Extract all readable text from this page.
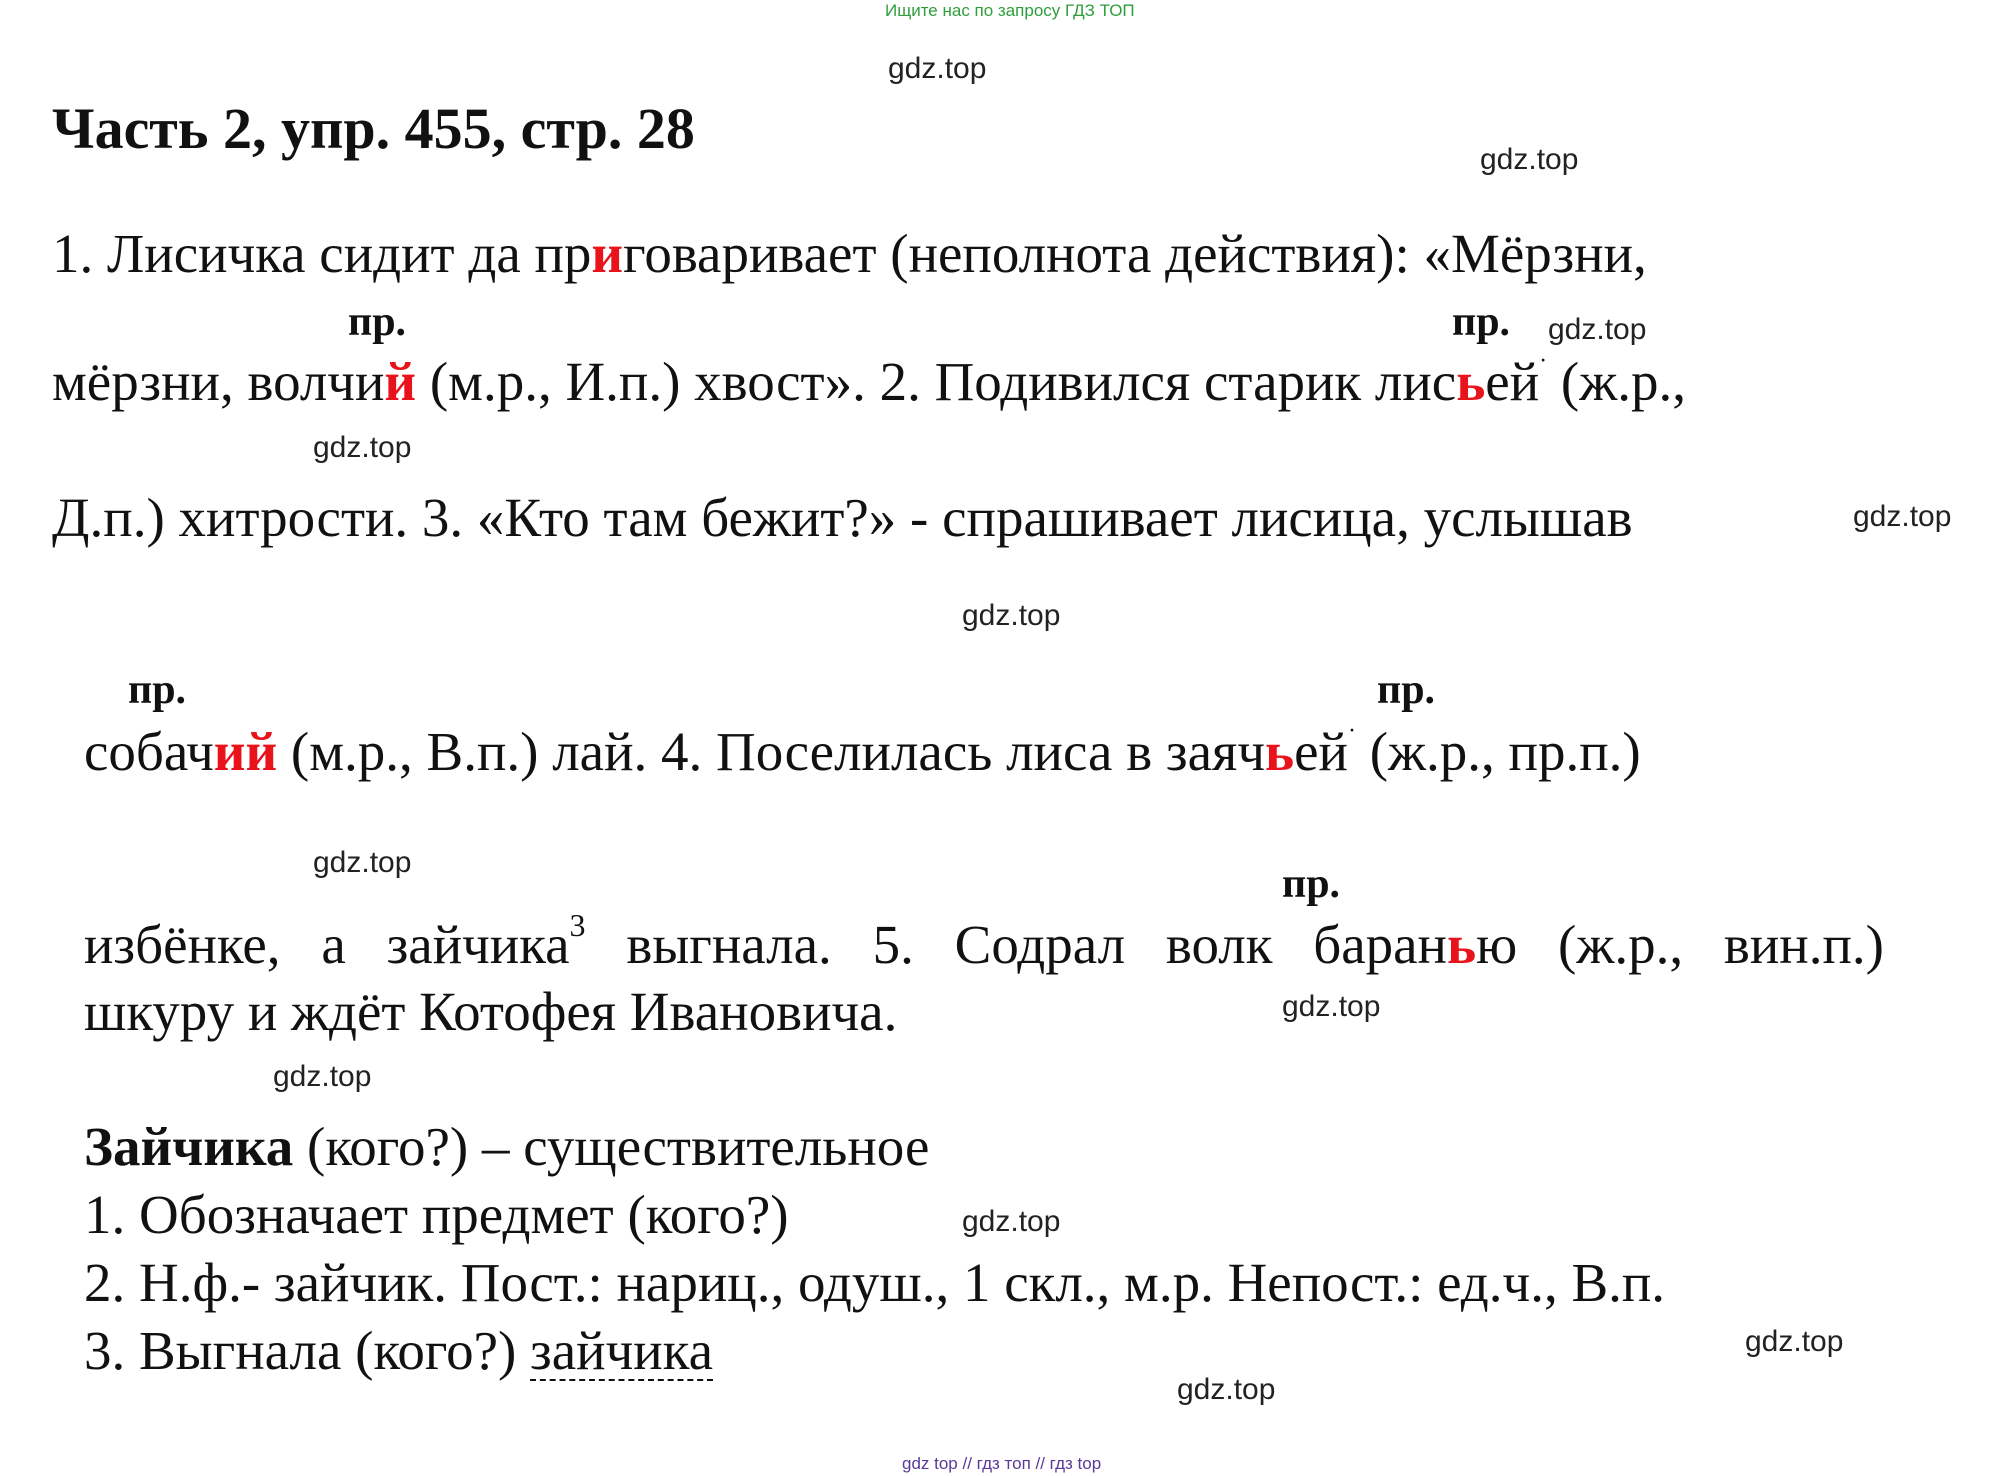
Ищите нас по запросу ГДЗ ТОП
gdz.top
gdz.top
gdz.top
gdz.top
gdz.top
gdz.top
gdz.top
gdz.top
gdz.top
gdz.top
gdz.top
gdz.top
Часть 2, упр. 455, стр. 28
пр.	пр.
пр.	пр.
пр.
1. Лисичка сидит да приговаривает (неполнота действия): «Мёрзни,
мёрзни, волчий (м.р., И.п.) хвост». 2. Подивился старик лисьей· (ж.р.,
Д.п.) хитрости. 3. «Кто там бежит?» - спрашивает лисица, услышав
собачий (м.р., В.п.) лай. 4. Поселилась лиса в заячьей· (ж.р., пр.п.)
избёнке, а зайчика$^3$ выгнала. 5. Содрал волк баранью (ж.р., вин.п.)
шкуру и ждёт Котофея Ивановича.
Зайчика (кого?) – существительное
1. Обозначает предмет (кого?)
2. Н.ф.- зайчик. Пост.: нариц., одуш., 1 скл., м.р. Непост.: ед.ч., В.п.
3. Выгнала (кого?) зайчика
gdz top // гдз топ // гдз top
